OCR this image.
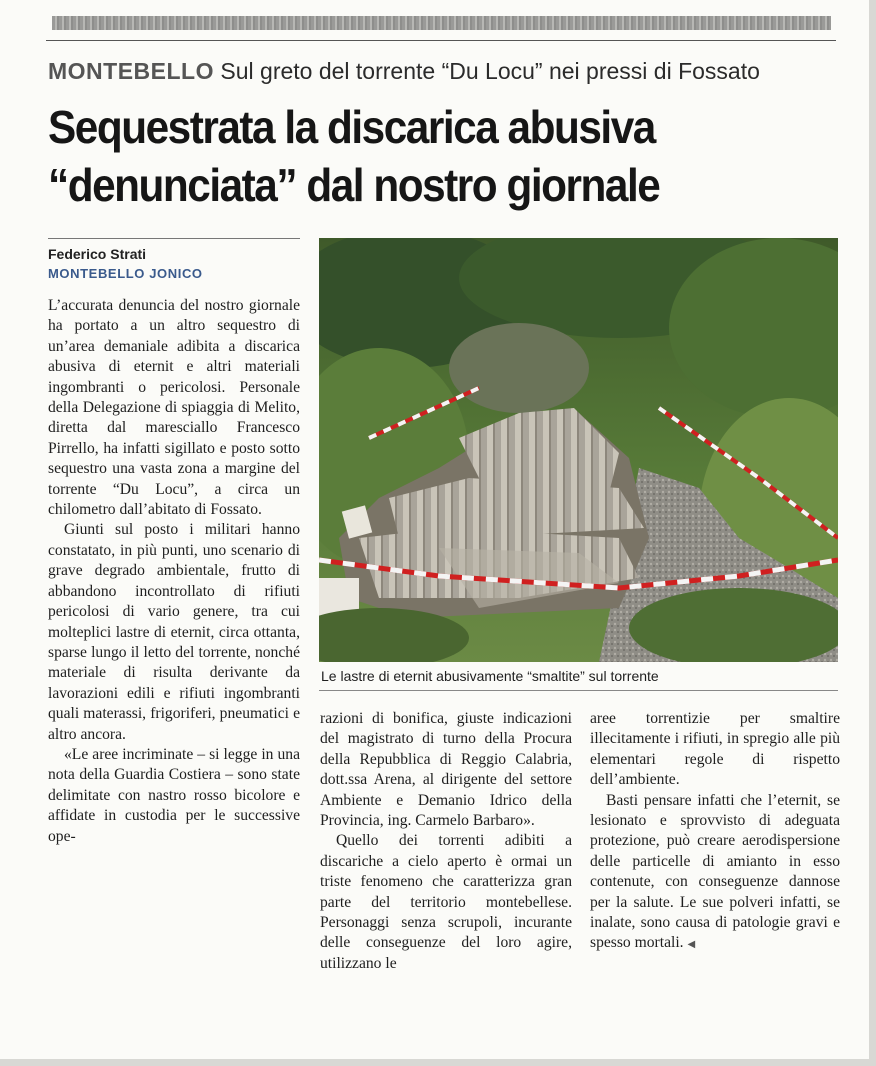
MONTEBELLO Sul greto del torrente “Du Locu” nei pressi di Fossato
Sequestrata la discarica abusiva
“denunciata” dal nostro giornale
Federico Strati
MONTEBELLO JONICO

L’accurata denuncia del nostro giornale ha portato a un altro sequestro di un’area demaniale adibita a discarica abusiva di eternit e altri materiali ingombranti o pericolosi. Personale della Delegazione di spiaggia di Melito, diretta dal maresciallo Francesco Pirrello, ha infatti sigillato e posto sotto sequestro una vasta zona a margine del torrente “Du Locu”, a circa un chilometro dall’abitato di Fossato.

Giunti sul posto i militari hanno constatato, in più punti, uno scenario di grave degrado ambientale, frutto di abbandono incontrollato di rifiuti pericolosi di vario genere, tra cui molteplici lastre di eternit, circa ottanta, sparse lungo il letto del torrente, nonché materiale di risulta derivante da lavorazioni edili e rifiuti ingombranti quali materassi, frigoriferi, pneumatici e altro ancora.

«Le aree incriminate – si legge in una nota della Guardia Costiera – sono state delimitate con nastro rosso bicolore e affidate in custodia per le successive ope-

Le lastre di eternit abusivamente “smaltite” sul torrente

razioni di bonifica, giuste indicazioni del magistrato di turno della Procura della Repubblica di Reggio Calabria, dott.ssa Arena, al dirigente del settore Ambiente e Demanio Idrico della Provincia, ing. Carmelo Barbaro».

Quello dei torrenti adibiti a discariche a cielo aperto è ormai un triste fenomeno che caratterizza gran parte del territorio montebellese. Personaggi senza scrupoli, incurante delle conseguenze del loro agire, utilizzano le

aree torrentizie per smaltire illecitamente i rifiuti, in spregio alle più elementari regole di rispetto dell’ambiente.

Basti pensare infatti che l’eternit, se lesionato e sprovvisto di adeguata protezione, può creare aerodispersione delle particelle di amianto in esso contenute, con conseguenze dannose per la salute. Le sue polveri infatti, se inalate, sono causa di patologie gravi e spesso mortali. ◀
